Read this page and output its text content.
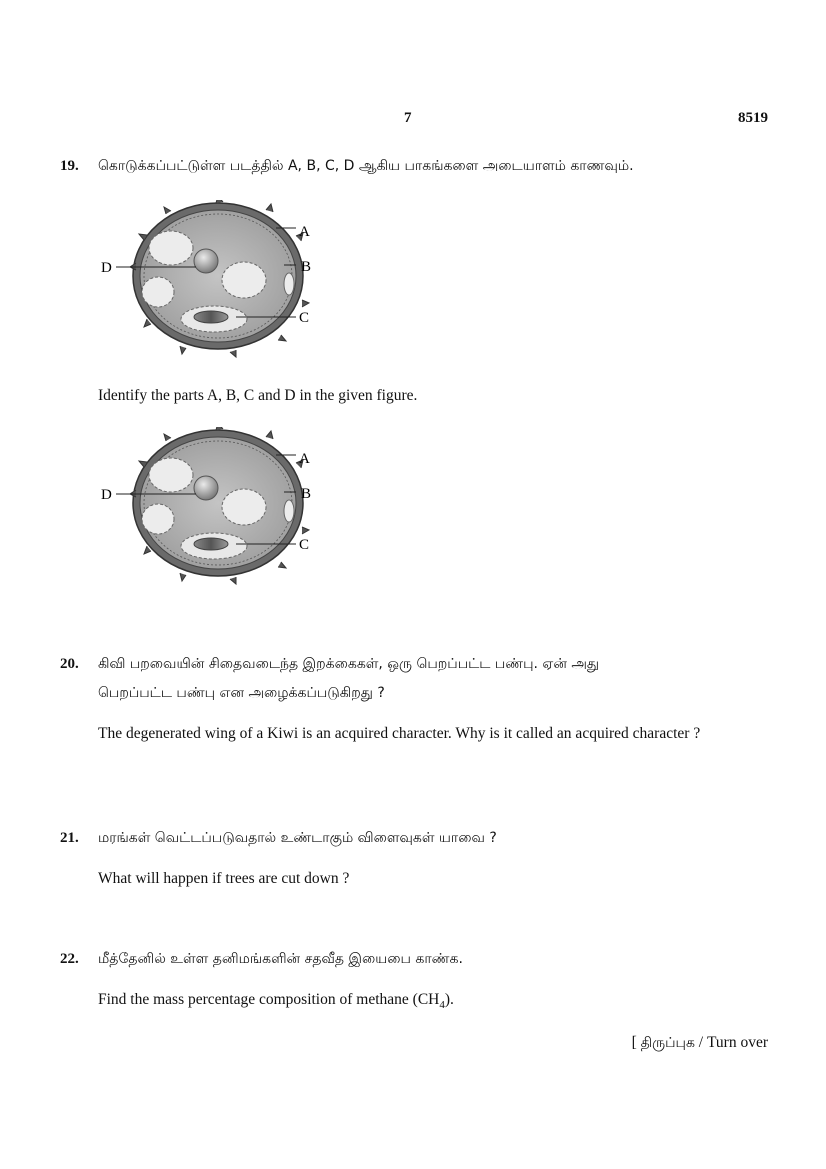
7	8519
19. கொடுக்கப்பட்டுள்ள படத்தில் A, B, C, D ஆகிய பாகங்களை அடையாளம் காணவும்.
D
A
B
C
Identify the parts A, B, C and D in the given figure.
D
A
B
C
20. கிவி பறவையின் சிதைவடைந்த இறக்கைகள், ஒரு பெறப்பட்ட பண்பு. ஏன் அது
பெறப்பட்ட பண்பு என அழைக்கப்படுகிறது ?
The degenerated wing of a Kiwi is an acquired character. Why is it called an acquired character ?
21. மரங்கள் வெட்டப்படுவதால் உண்டாகும் விளைவுகள் யாவை ?
What will happen if trees are cut down ?
22. மீத்தேனில் உள்ள தனிமங்களின் சதவீத இயைபை காண்க.
Find the mass percentage composition of methane $(CH_4)$.
[ திருப்புக / Turn over
